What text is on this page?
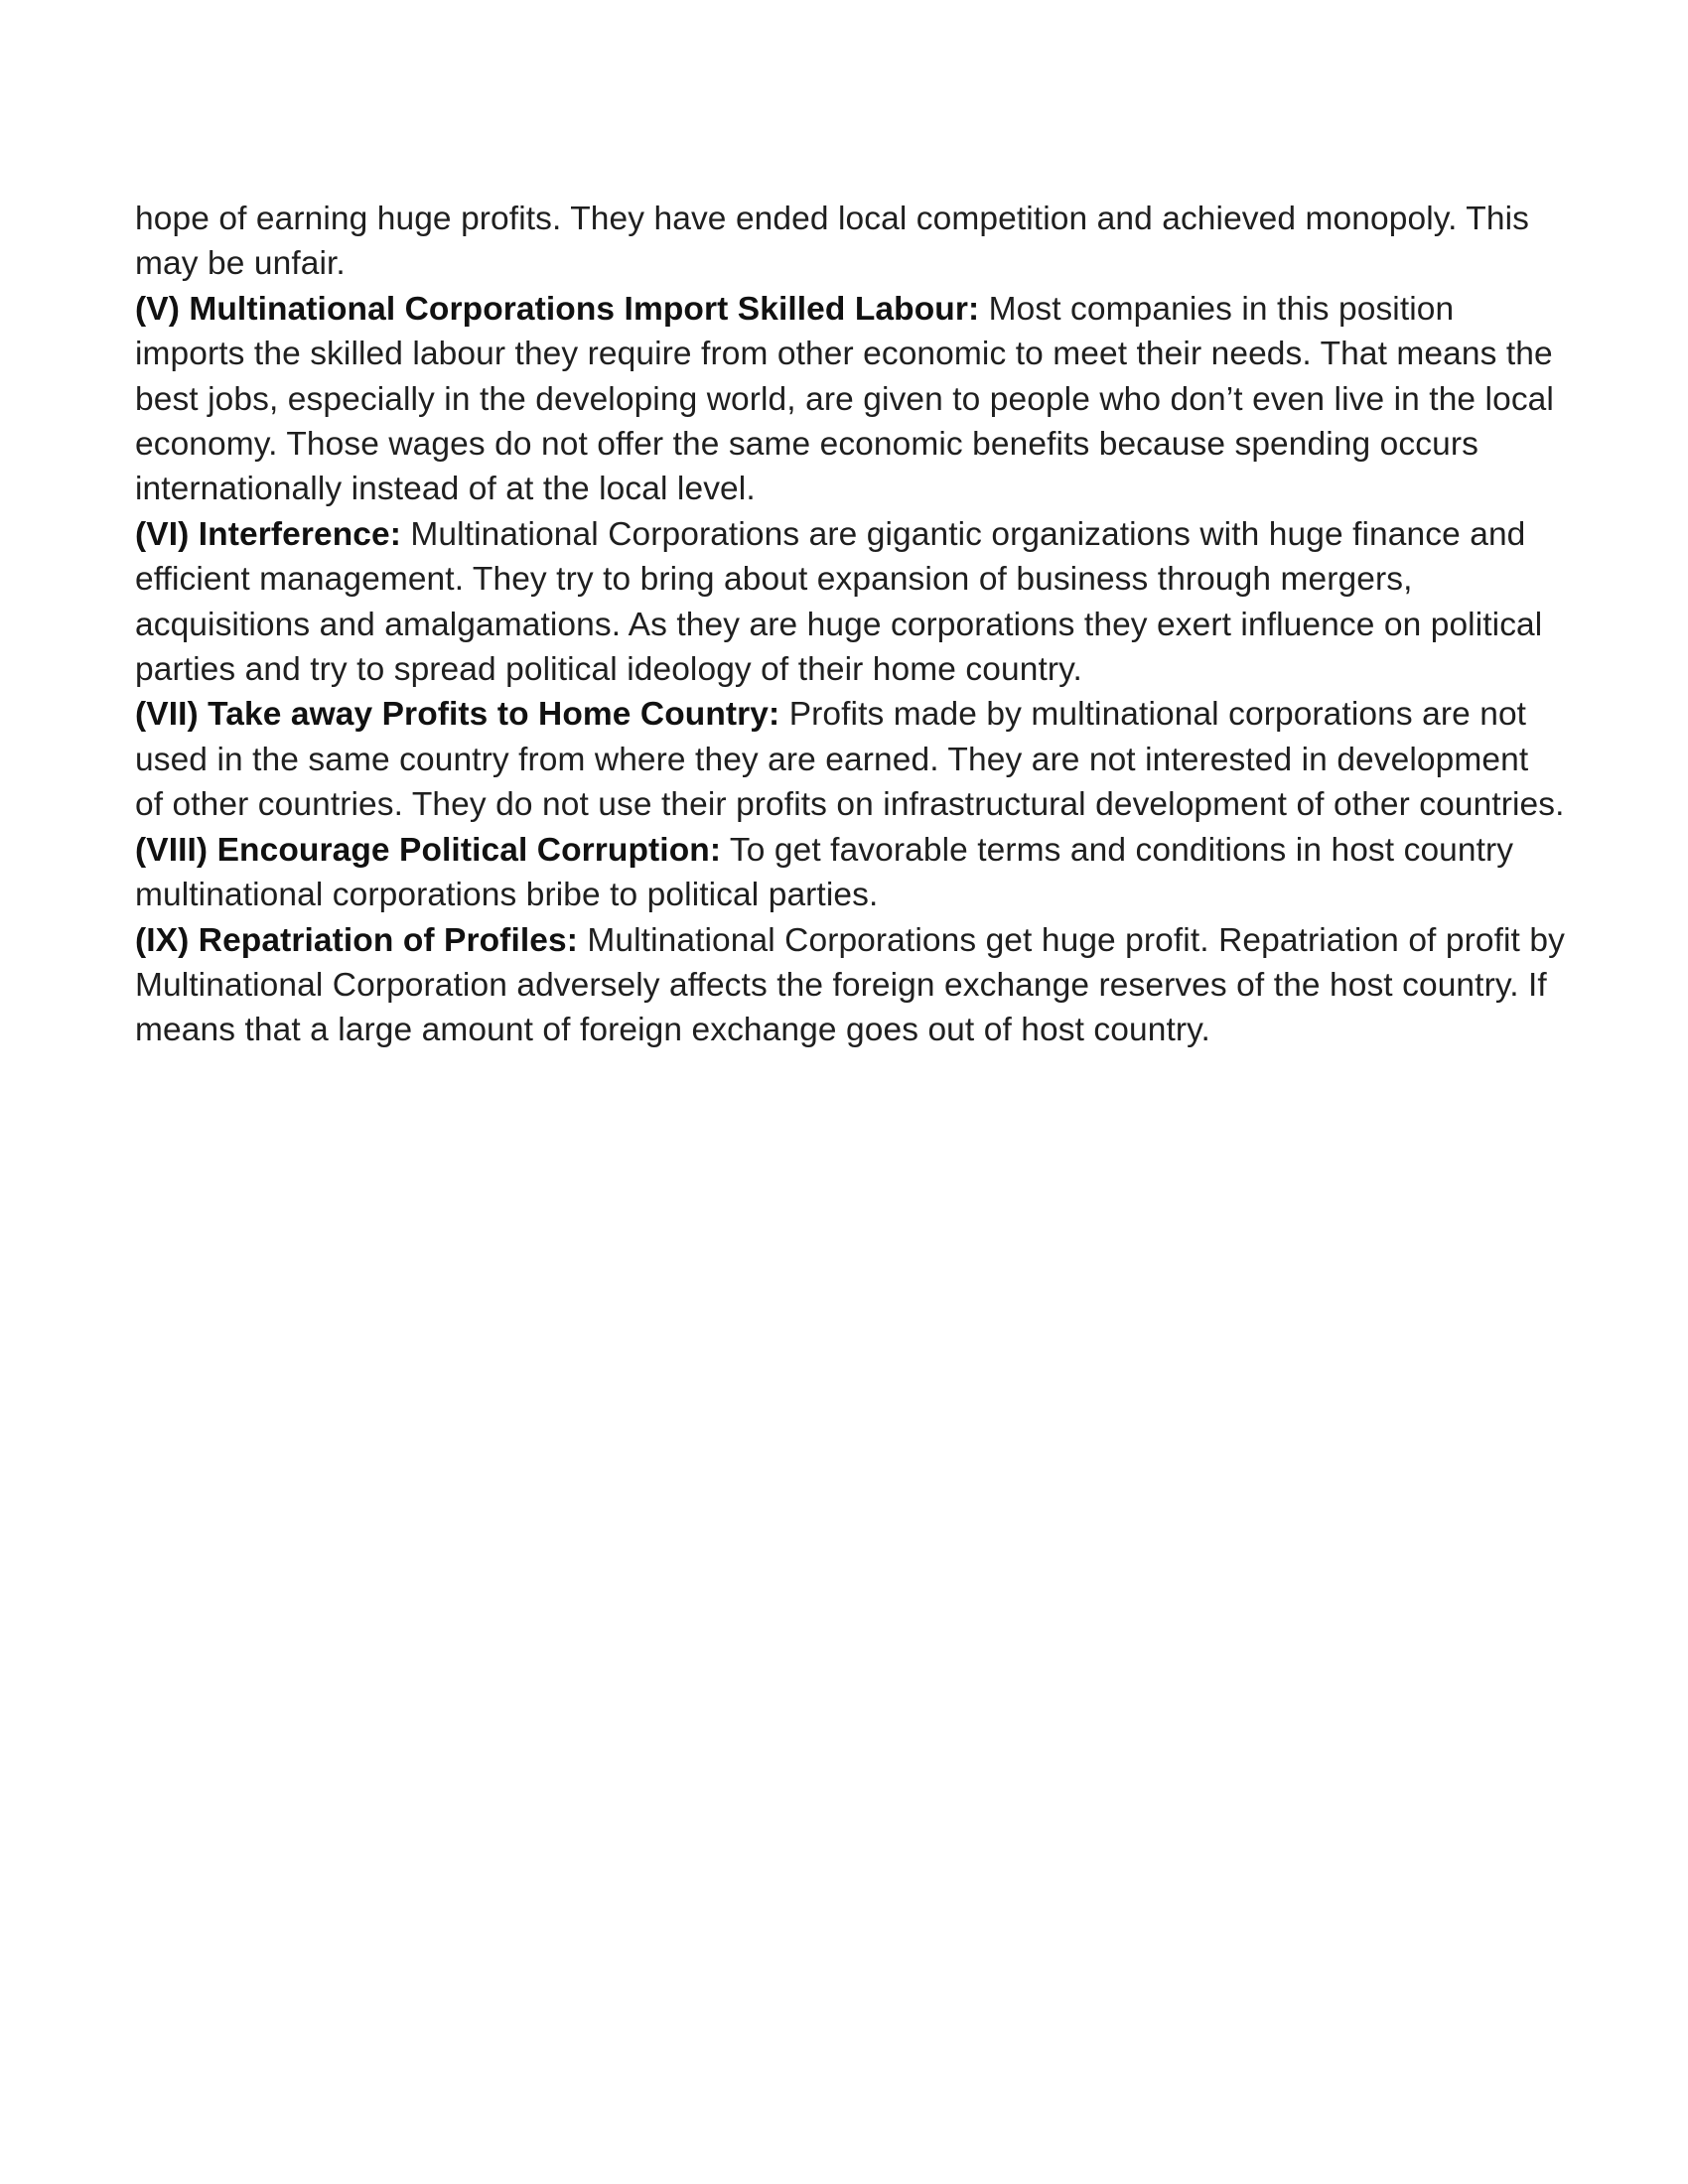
hope of earning huge profits. They have ended local competition and achieved monopoly. This may be unfair.

(V) Multinational Corporations Import Skilled Labour: Most companies in this position imports the skilled labour they require from other economic to meet their needs. That means the best jobs, especially in the developing world, are given to people who don’t even live in the local economy. Those wages do not offer the same economic benefits because spending occurs internationally instead of at the local level.

(VI) Interference: Multinational Corporations are gigantic organizations with huge finance and efficient management. They try to bring about expansion of business through mergers, acquisitions and amalgamations. As they are huge corporations they exert influence on political parties and try to spread political ideology of their home country.

(VII) Take away Profits to Home Country: Profits made by multinational corporations are not used in the same country from where they are earned. They are not interested in development of other countries. They do not use their profits on infrastructural development of other countries.

(VIII) Encourage Political Corruption: To get favorable terms and conditions in host country multinational corporations bribe to political parties.

(IX) Repatriation of Profiles: Multinational Corporations get huge profit. Repatriation of profit by Multinational Corporation adversely affects the foreign exchange reserves of the host country. If means that a large amount of foreign exchange goes out of host country.
